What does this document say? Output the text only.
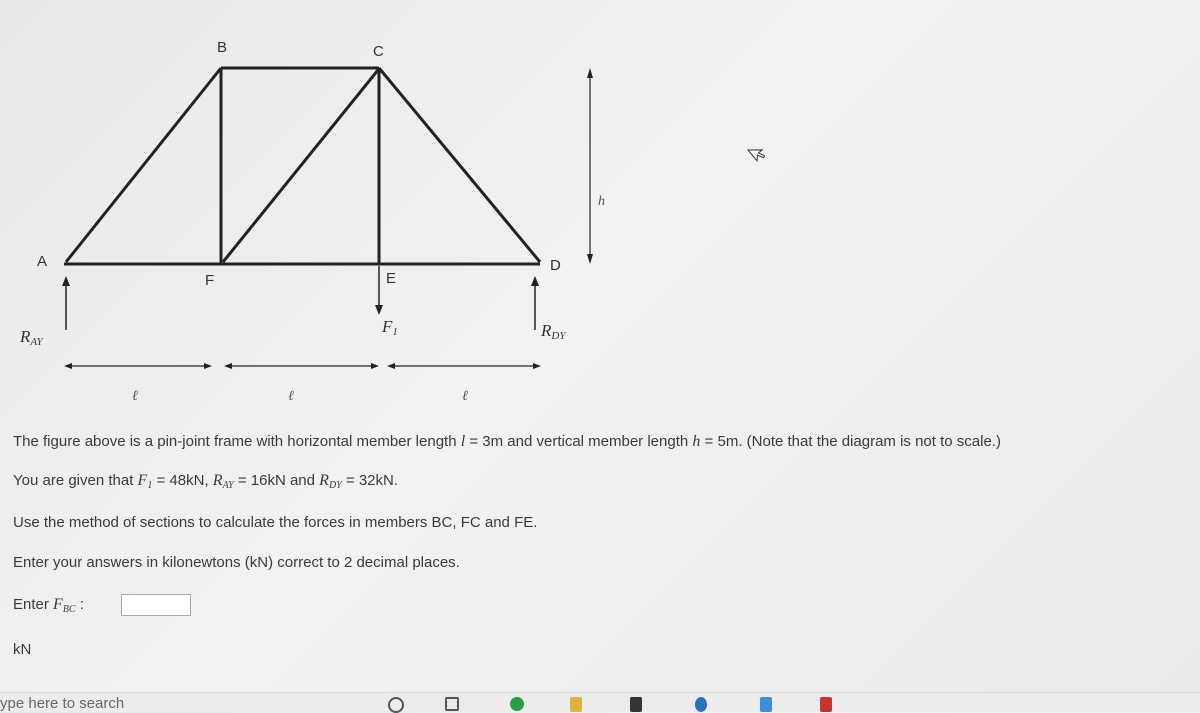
A
B	C
D
E
F
RAY
RDY
F1
h
ℓ	ℓ	ℓ
The figure above is a pin-joint frame with horizontal member length l = 3m and vertical member length h = 5m. (Note that the diagram is not to scale.)
You are given that $F_1 = 48kN$, $R_{AY} = 16kN$ and $R_{DY} = 32kN$.
Use the method of sections to calculate the forces in members BC, FC and FE.
Enter your answers in kilonewtons (kN) correct to 2 decimal places.
Enter $F_{BC}$ :
kN
ype here to search
